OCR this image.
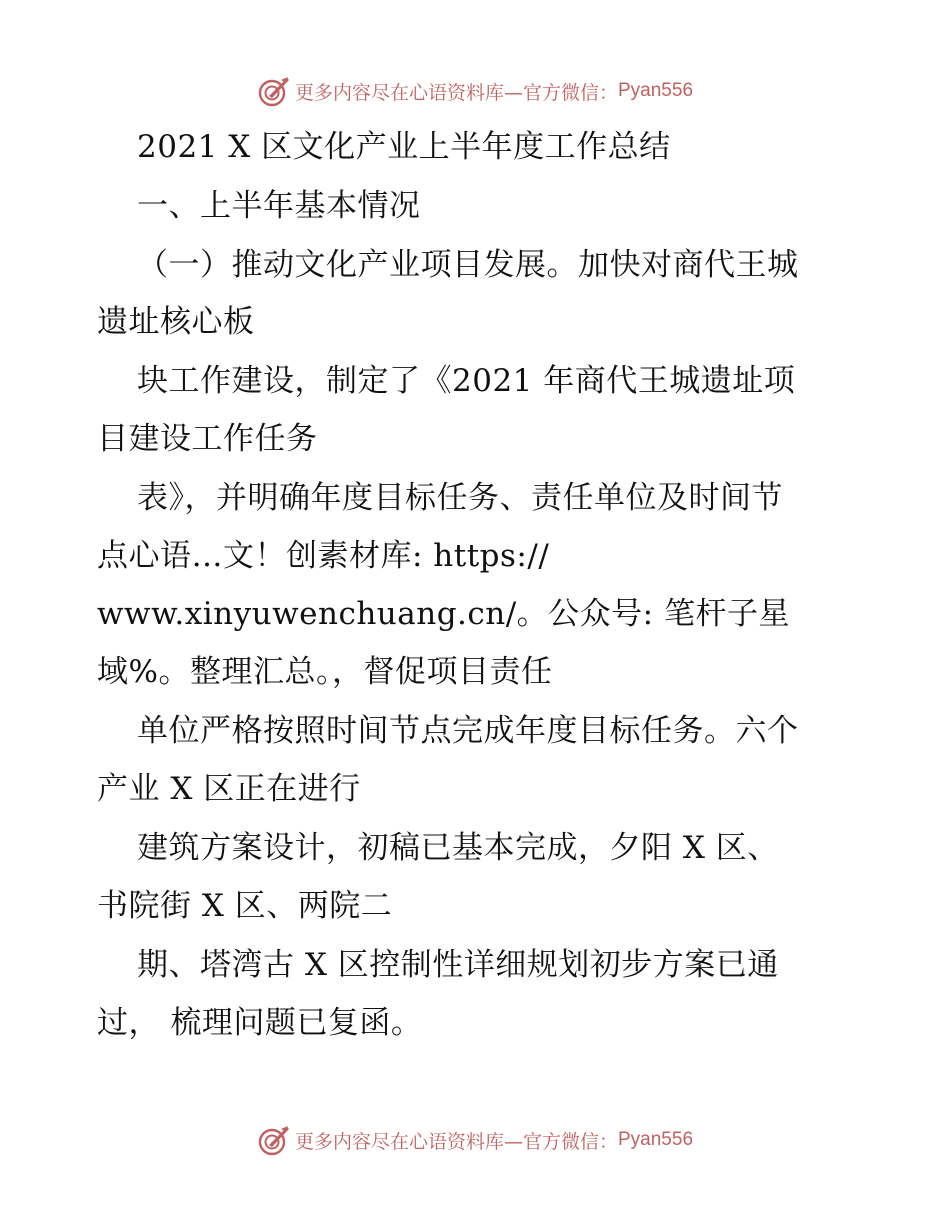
更多内容尽在心语资料库—官方微信： Pyan556
2021 X 区文化产业上半年度工作总结
一、上半年基本情况
（一）推动文化产业项目发展。加快对商代王城
遗址核心板
块工作建设，制定了《2021 年商代王城遗址项
目建设工作任务
表》，并明确年度目标任务、责任单位及时间节
点心语…文！创素材库: https://
www.xinyuwenchuang.cn/。公众号: 笔杆子星
域%。整理汇总。，督促项目责任
单位严格按照时间节点完成年度目标任务。六个
产业 X 区正在进行
建筑方案设计，初稿已基本完成，夕阳 X 区、
书院街 X 区、两院二
期、塔湾古 X 区控制性详细规划初步方案已通
过， 梳理问题已复函。
更多内容尽在心语资料库—官方微信： Pyan556
